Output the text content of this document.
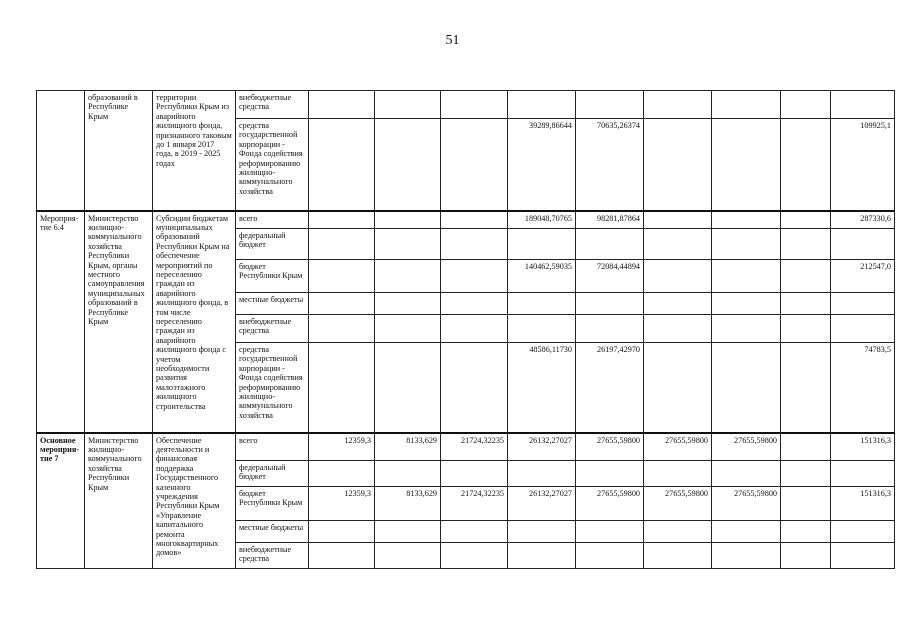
51
	образований в Республике Крым	территории Республики Крым из аварийного жилищного фонда, признанного таковым до 1 января 2017 года, в 2019 - 2025 годах	внебюджетные средства									
			средства государственной корпорации - Фонда содействия реформированию жилищно-коммунального хозяйства				39289,86644	70635,26374				109925,1
Мероприя-тие 6.4	Министерство жилищно-коммунального хозяйства Республики Крым, органы местного самоуправления муниципальных образований в Республике Крым	Субсидии бюджетам муниципальных образований Республики Крым на обеспечение мероприятий по переселению граждан из аварийного жилищного фонда, в том числе переселению граждан из аварийного жилищного фонда с учетом необходимости развития малоэтажного жилищного строительства	всего				189048,70765	98281,87864				287330,6
			федеральный бюджет									
			бюджет Республики Крым				140462,59035	72084,44894				212547,0
			местные бюджеты									
			внебюджетные средства									
			средства государственной корпорации - Фонда содействия реформированию жилищно-коммунального хозяйства				48586,11730	26197,42970				74783,5
Основное мероприя-тие 7	Министерство жилищно-коммунального хозяйства Республики Крым	Обеспечение деятельности и финансовая поддержка Государственного казенного учреждения Республики Крым «Управление капитального ремонта многоквартирных домов»	всего	12359,3	8133,629	21724,32235	26132,27027	27655,59800	27655,59800	27655,59800		151316,3
			федеральный бюджет									
			бюджет Республики Крым	12359,3	8133,629	21724,32235	26132,27027	27655,59800	27655,59800	27655,59800		151316,3
			местные бюджеты									
			внебюджетные средства									
